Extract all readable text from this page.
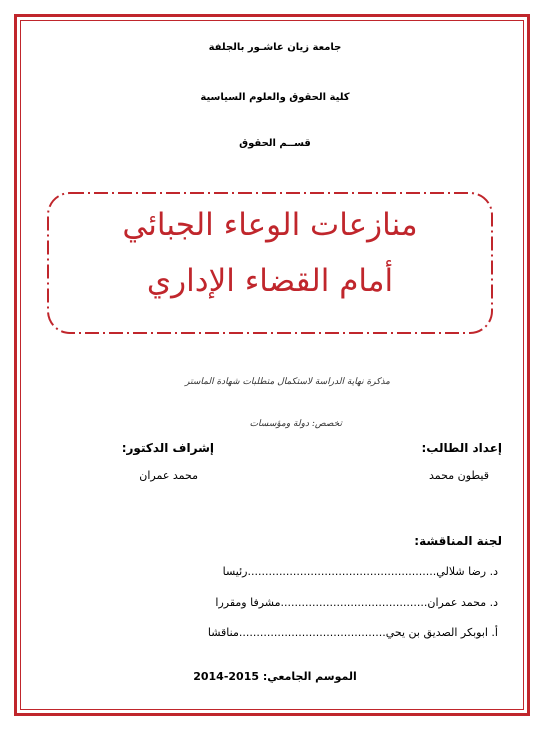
جامعة زيان عاشـور بالجلفة
كلية الحقوق والعلوم السياسية
قســم الحقوق
منازعات الوعاء الجبائي
أمام القضاء الإداري
مذكرة نهاية الدراسة لاستكمال متطلبات شهادة الماستر
تخصص: دولة ومؤسسات
إعداد الطالب:
قيطون محمد
إشراف الدكتور:
محمد عمران
لجنة المناقشة:
د. رضا شلالي
......................................................
رئيسا
د. محمد عمران
..........................................
مشرفا ومقررا
أ. ابوبكر الصديق بن يحي
..........................................
مناقشا
الموسم الجامعي: 2014-2015
